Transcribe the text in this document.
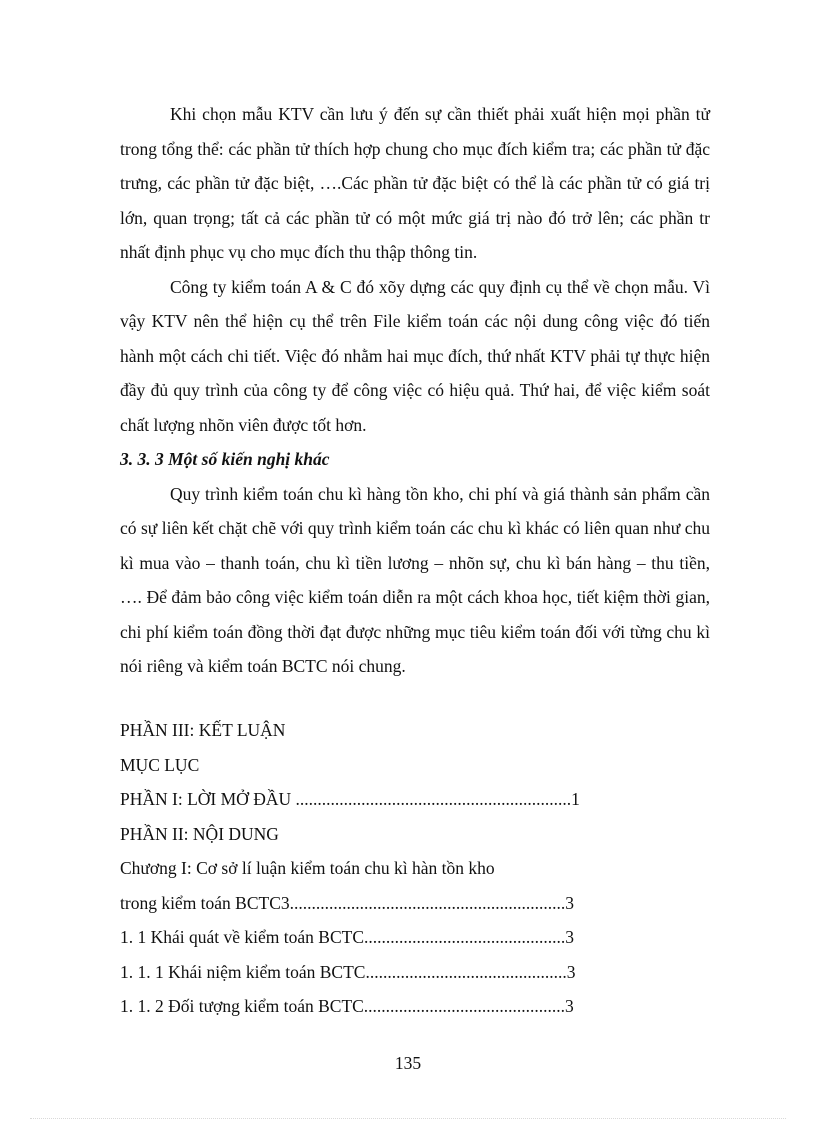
Khi chọn mẫu KTV cần lưu ý đến sự cần thiết phải xuất hiện mọi phần tử trong tổng thể: các phần tử thích hợp chung cho mục đích kiểm tra; các phần tử đặc trưng, các phần tử đặc biệt, ….Các phần tử đặc biệt có thể là các phần tử có giá trị lớn, quan trọng; tất cả các phần tử có một mức giá trị nào đó trở lên; các phần tr nhất định phục vụ cho mục đích thu thập thông tin.

Công ty kiểm toán A & C đó xõy dựng các quy định cụ thể về chọn mẫu. Vì vậy KTV nên thể hiện cụ thể trên File kiểm toán các nội dung công việc đó tiến hành một cách chi tiết. Việc đó nhằm hai mục đích, thứ nhất KTV phải tự thực hiện đầy đủ quy trình của công ty để công việc có hiệu quả. Thứ hai, để việc kiểm soát chất lượng nhõn viên được tốt hơn.

3. 3. 3 Một số kiến nghị khác

Quy trình kiểm toán chu kì hàng tồn kho, chi phí và giá thành sản phẩm cần có sự liên kết chặt chẽ với quy trình kiểm toán các chu kì khác có liên quan như chu kì mua vào – thanh toán, chu kì tiền lương – nhõn sự, chu kì bán hàng – thu tiền, …. Để đảm bảo công việc kiểm toán diễn ra một cách khoa học, tiết kiệm thời gian, chi phí kiểm toán đồng thời đạt được những mục tiêu kiểm toán đối với từng chu kì nói riêng và kiểm toán BCTC nói chung.

PHẦN III: KẾT LUẬN

MỤC LỤC

PHẦN I: LỜI MỞ ĐẦU ...............................................................1

PHẦN II: NỘI DUNG

Chương I: Cơ sở lí luận kiểm toán chu kì hàn tồn kho

trong kiểm toán BCTC3...............................................................3

1. 1 Khái quát về kiểm toán BCTC..............................................3

1. 1. 1 Khái niệm kiểm toán BCTC..............................................3

1. 1. 2 Đối tượng kiểm toán BCTC..............................................3

135
